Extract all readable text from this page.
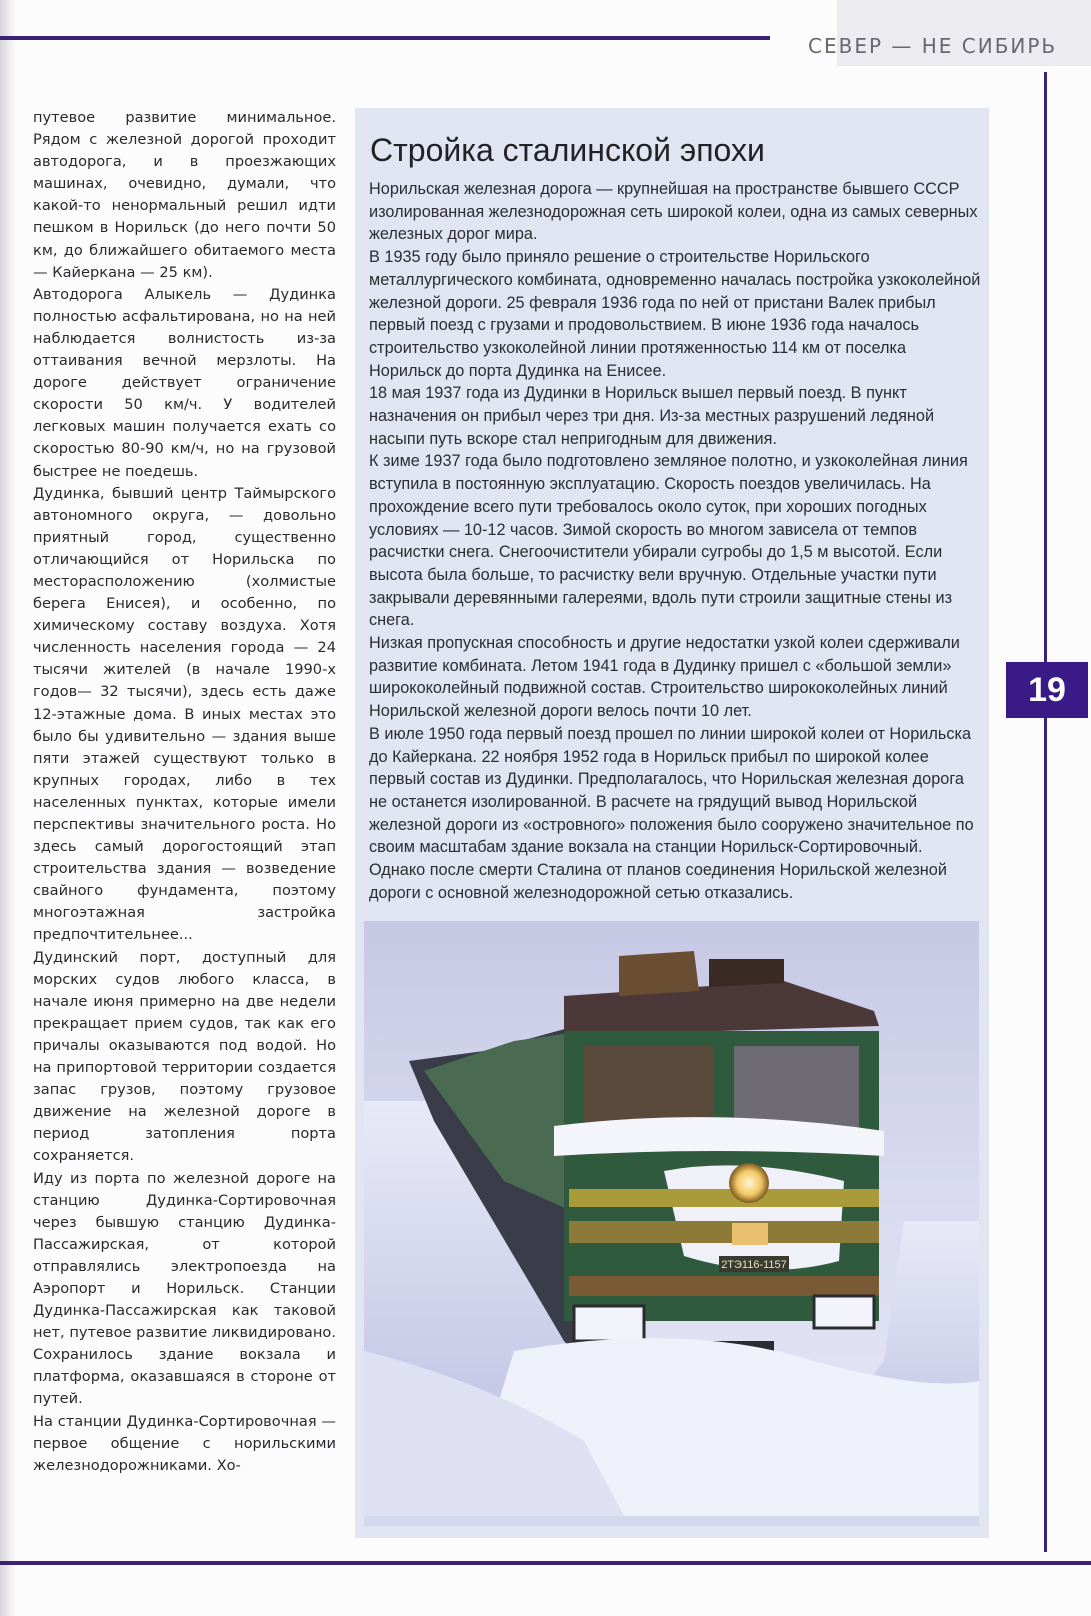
СЕВЕР — НЕ СИБИРЬ
19

путевое развитие минимальное. Рядом с железной дорогой проходит автодорога, и в проезжающих машинах, очевидно, думали, что какой-то ненормальный решил идти пешком в Норильск (до него почти 50 км, до ближайшего обитаемого места — Кайеркана — 25 км).

Автодорога Алыкель — Дудинка полностью асфальтирована, но на ней наблюдается волнистость из-за оттаивания вечной мерзлоты. На дороге действует ограничение скорости 50 км/ч. У водителей легковых машин получается ехать со скоростью 80-90 км/ч, но на грузовой быстрее не поедешь.

Дудинка, бывший центр Таймырского автономного округа, — довольно приятный город, существенно отличающийся от Норильска по месторасположению (холмистые берега Енисея), и особенно, по химическому составу воздуха. Хотя численность населения города — 24 тысячи жителей (в начале 1990-х годов— 32 тысячи), здесь есть даже 12-этажные дома. В иных местах это было бы удивительно — здания выше пяти этажей существуют только в крупных городах, либо в тех населенных пунктах, которые имели перспективы значительного роста. Но здесь самый дорогостоящий этап строительства здания — возведение свайного фундамента, поэтому многоэтажная застройка предпочтительнее...

Дудинский порт, доступный для морских судов любого класса, в начале июня примерно на две недели прекращает прием судов, так как его причалы оказываются под водой. Но на припортовой территории создается запас грузов, поэтому грузовое движение на железной дороге в период затопления порта сохраняется.

Иду из порта по железной дороге на станцию Дудинка-Сортировочная через бывшую станцию Дудинка-Пассажирская, от которой отправлялись электропоезда на Аэропорт и Норильск. Станции Дудинка-Пассажирская как таковой нет, путевое развитие ликвидировано. Сохранилось здание вокзала и платформа, оказавшаяся в стороне от путей.

На станции Дудинка-Сортировочная — первое общение с норильскими железнодорожниками. Хо-

Стройка сталинской эпохи

Норильская железная дорога — крупнейшая на пространстве бывшего СССР изолированная железнодорожная сеть широкой колеи, одна из самых северных железных дорог мира.

В 1935 году было приняло решение о строительстве Норильского металлургического комбината, одновременно началась постройка узкоколейной железной дороги. 25 февраля 1936 года по ней от пристани Валек прибыл первый поезд с грузами и продовольствием. В июне 1936 года началось строительство узкоколейной линии протяженностью 114 км от поселка Норильск до порта Дудинка на Енисее.

18 мая 1937 года из Дудинки в Норильск вышел первый поезд. В пункт назначения он прибыл через три дня. Из-за местных разрушений ледяной насыпи путь вскоре стал непригодным для движения.

К зиме 1937 года было подготовлено земляное полотно, и узкоколейная линия вступила в постоянную эксплуатацию. Скорость поездов увеличилась. На прохождение всего пути требовалось около суток, при хороших погодных условиях — 10-12 часов. Зимой скорость во многом зависела от темпов расчистки снега. Снегоочистители убирали сугробы до 1,5 м высотой. Если высота была больше, то расчистку вели вручную. Отдельные участки пути закрывали деревянными галереями, вдоль пути строили защитные стены из снега.

Низкая пропускная способность и другие недостатки узкой колеи сдерживали развитие комбината. Летом 1941 года в Дудинку пришел с «большой земли» ширококолейный подвижной состав. Строительство ширококолейных линий Норильской железной дороги велось почти 10 лет.

В июле 1950 года первый поезд прошел по линии широкой колеи от Норильска до Кайеркана. 22 ноября 1952 года в Норильск прибыл по широкой колее первый состав из Дудинки. Предполагалось, что Норильская железная дорога не останется изолированной. В расчете на грядущий вывод Норильской железной дороги из «островного» положения было сооружено значительное по своим масштабам здание вокзала на станции Норильск-Сортировочный. Однако после смерти Сталина от планов соединения Норильской железной дороги с основной железнодорожной сетью отказались.

2ТЭ116-1157
